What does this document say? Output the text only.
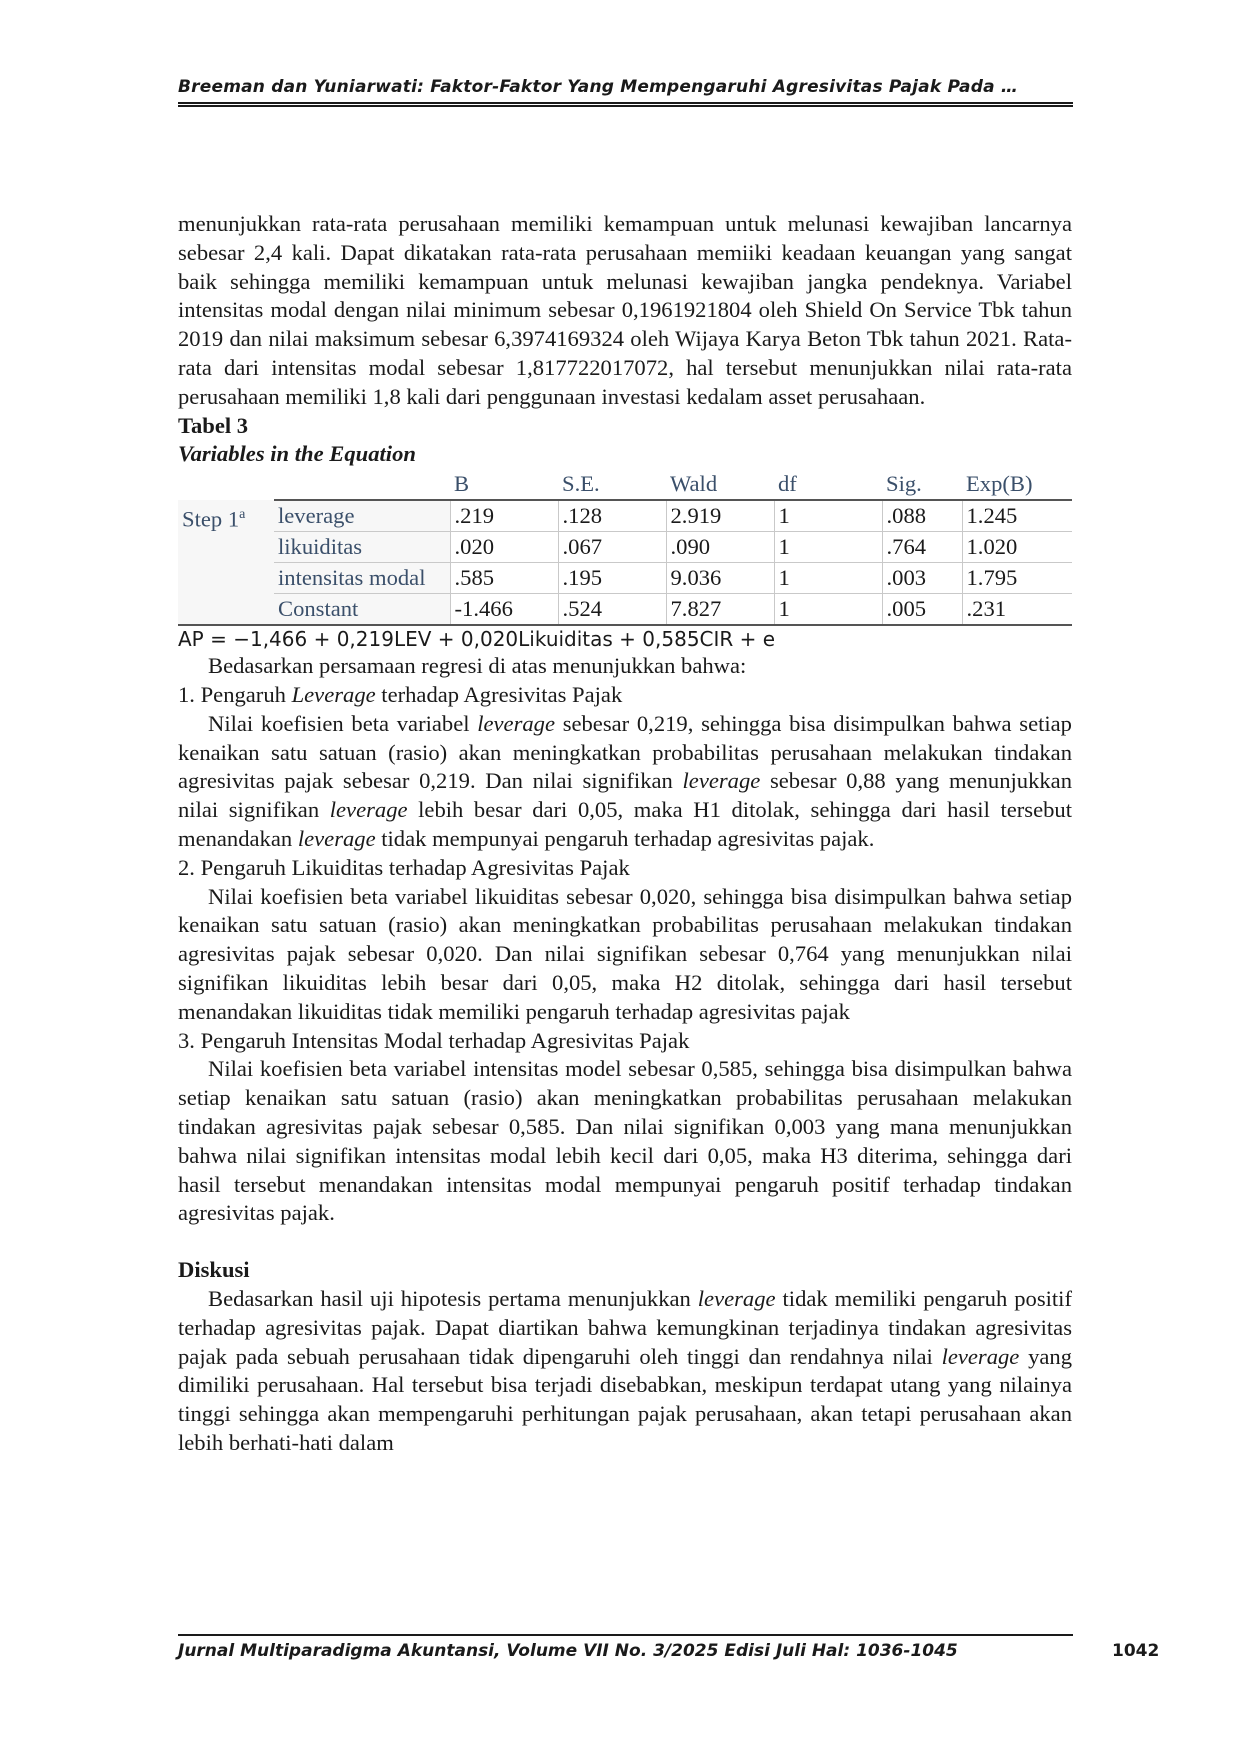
Breeman dan Yuniarwati: Faktor-Faktor Yang Mempengaruhi Agresivitas Pajak Pada …

menunjukkan rata-rata perusahaan memiliki kemampuan untuk melunasi kewajiban lancarnya sebesar 2,4 kali. Dapat dikatakan rata-rata perusahaan memiiki keadaan keuangan yang sangat baik sehingga memiliki kemampuan untuk melunasi kewajiban jangka pendeknya. Variabel intensitas modal dengan nilai minimum sebesar 0,1961921804 oleh Shield On Service Tbk tahun 2019 dan nilai maksimum sebesar 6,3974169324 oleh Wijaya Karya Beton Tbk tahun 2021. Rata-rata dari intensitas modal sebesar 1,817722017072, hal tersebut menunjukkan nilai rata-rata perusahaan memiliki 1,8 kali dari penggunaan investasi kedalam asset perusahaan.

Tabel 3

Variables in the Equation

		B	S.E.	Wald	df	Sig.	Exp(B)
Step 1$^a$	leverage	.219	.128	2.919	1	.088	1.245
	likuiditas	.020	.067	.090	1	.764	1.020
	intensitas modal	.585	.195	9.036	1	.003	1.795
	Constant	-1.466	.524	7.827	1	.005	.231

AP = −1,466 + 0,219LEV + 0,020Likuiditas + 0,585CIR + e

Bedasarkan persamaan regresi di atas menunjukkan bahwa:

1. Pengaruh Leverage terhadap Agresivitas Pajak

Nilai koefisien beta variabel leverage sebesar 0,219, sehingga bisa disimpulkan bahwa setiap kenaikan satu satuan (rasio) akan meningkatkan probabilitas perusahaan melakukan tindakan agresivitas pajak sebesar 0,219. Dan nilai signifikan leverage sebesar 0,88 yang menunjukkan nilai signifikan leverage lebih besar dari 0,05, maka H1 ditolak, sehingga dari hasil tersebut menandakan leverage tidak mempunyai pengaruh terhadap agresivitas pajak.

2. Pengaruh Likuiditas terhadap Agresivitas Pajak

Nilai koefisien beta variabel likuiditas sebesar 0,020, sehingga bisa disimpulkan bahwa setiap kenaikan satu satuan (rasio) akan meningkatkan probabilitas perusahaan melakukan tindakan agresivitas pajak sebesar 0,020. Dan nilai signifikan sebesar 0,764 yang menunjukkan nilai signifikan likuiditas lebih besar dari 0,05, maka H2 ditolak, sehingga dari hasil tersebut menandakan likuiditas tidak memiliki pengaruh terhadap agresivitas pajak

3. Pengaruh Intensitas Modal terhadap Agresivitas Pajak

Nilai koefisien beta variabel intensitas model sebesar 0,585, sehingga bisa disimpulkan bahwa setiap kenaikan satu satuan (rasio) akan meningkatkan probabilitas perusahaan melakukan tindakan agresivitas pajak sebesar 0,585. Dan nilai signifikan 0,003 yang mana menunjukkan bahwa nilai signifikan intensitas modal lebih kecil dari 0,05, maka H3 diterima, sehingga dari hasil tersebut menandakan intensitas modal mempunyai pengaruh positif terhadap tindakan agresivitas pajak.

Diskusi

Bedasarkan hasil uji hipotesis pertama menunjukkan leverage tidak memiliki pengaruh positif terhadap agresivitas pajak. Dapat diartikan bahwa kemungkinan terjadinya tindakan agresivitas pajak pada sebuah perusahaan tidak dipengaruhi oleh tinggi dan rendahnya nilai leverage yang dimiliki perusahaan. Hal tersebut bisa terjadi disebabkan, meskipun terdapat utang yang nilainya tinggi sehingga akan mempengaruhi perhitungan pajak perusahaan, akan tetapi perusahaan akan lebih berhati-hati dalam

Jurnal Multiparadigma Akuntansi, Volume VII No. 3/2025 Edisi Juli Hal: 1036-1045	1042
